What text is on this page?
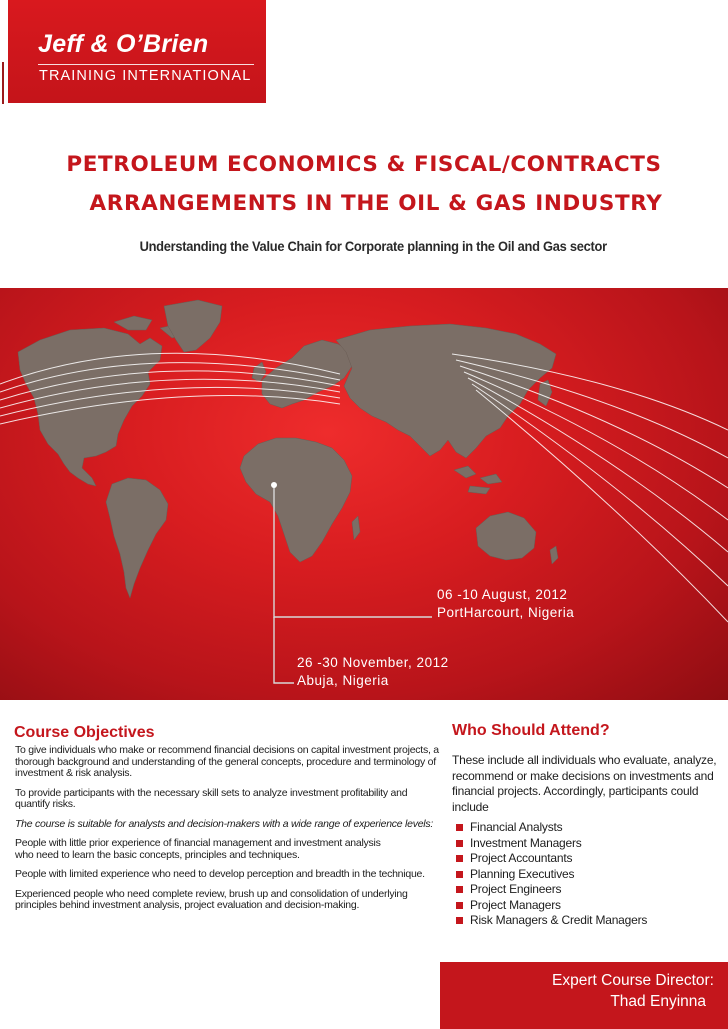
Jeff & O’Brien
TRAINING INTERNATIONAL
PETROLEUM ECONOMICS & FISCAL/CONTRACTS
ARRANGEMENTS IN THE OIL & GAS INDUSTRY
Understanding the Value Chain for Corporate planning in the Oil and Gas sector
06 -10 August, 2012
PortHarcourt, Nigeria
26 -30 November, 2012
Abuja, Nigeria
Course Objectives

To give individuals who make or recommend financial decisions on capital investment projects, a thorough background and understanding of the general concepts, procedure and terminology of investment & risk analysis.

To provide participants with the necessary skill sets to analyze investment profitability and quantify risks.

The course is suitable for analysts and decision-makers with a wide range of experience levels:

People with little prior experience of financial management and investment analysis who need to learn the basic concepts, principles and techniques.

People with limited experience who need to develop perception and breadth in the technique.

Experienced people who need complete review, brush up and consolidation of underlying principles behind investment analysis, project evaluation and decision-making.

Who Should Attend?

These include all individuals who evaluate, analyze, recommend or make decisions on investments and financial projects. Accordingly, participants could include

Financial Analysts
Investment Managers
Project Accountants
Planning Executives
Project Engineers
Project Managers
Risk Managers & Credit Managers
Expert Course Director:
Thad Enyinna
